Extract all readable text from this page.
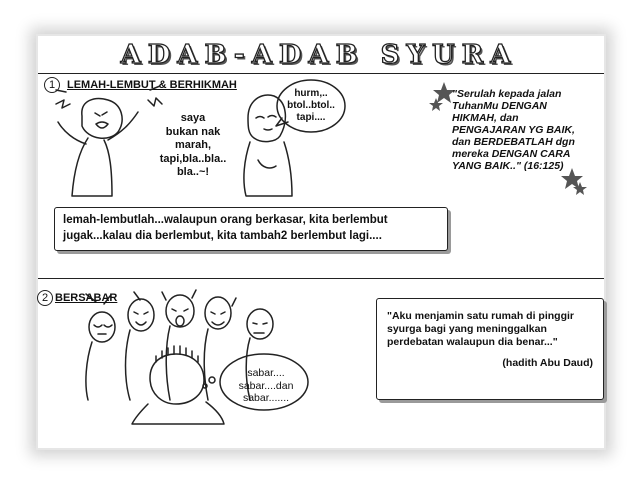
ADAB-ADAB SYURA
1	LEMAH-LEMBUT & BERHIKMAH
saya
bukan nak
marah,
tapi,bla..bla..
bla..~!
hurm,..
btol..btol..
tapi....
"Serulah kepada jalan
TuhanMu DENGAN
HIKMAH, dan
PENGAJARAN YG BAIK,
dan BERDEBATLAH dgn
mereka DENGAN CARA
YANG BAIK.." (16:125)
lemah-lembutlah...walaupun orang berkasar, kita berlembut
jugak...kalau dia berlembut, kita tambah2 berlembut lagi....
2 BERSABAR
sabar....
sabar....dan
sabar.......
"Aku menjamin satu rumah di pinggir
syurga bagi yang meninggalkan
perdebatan walaupun dia benar..."
(hadith Abu Daud)
